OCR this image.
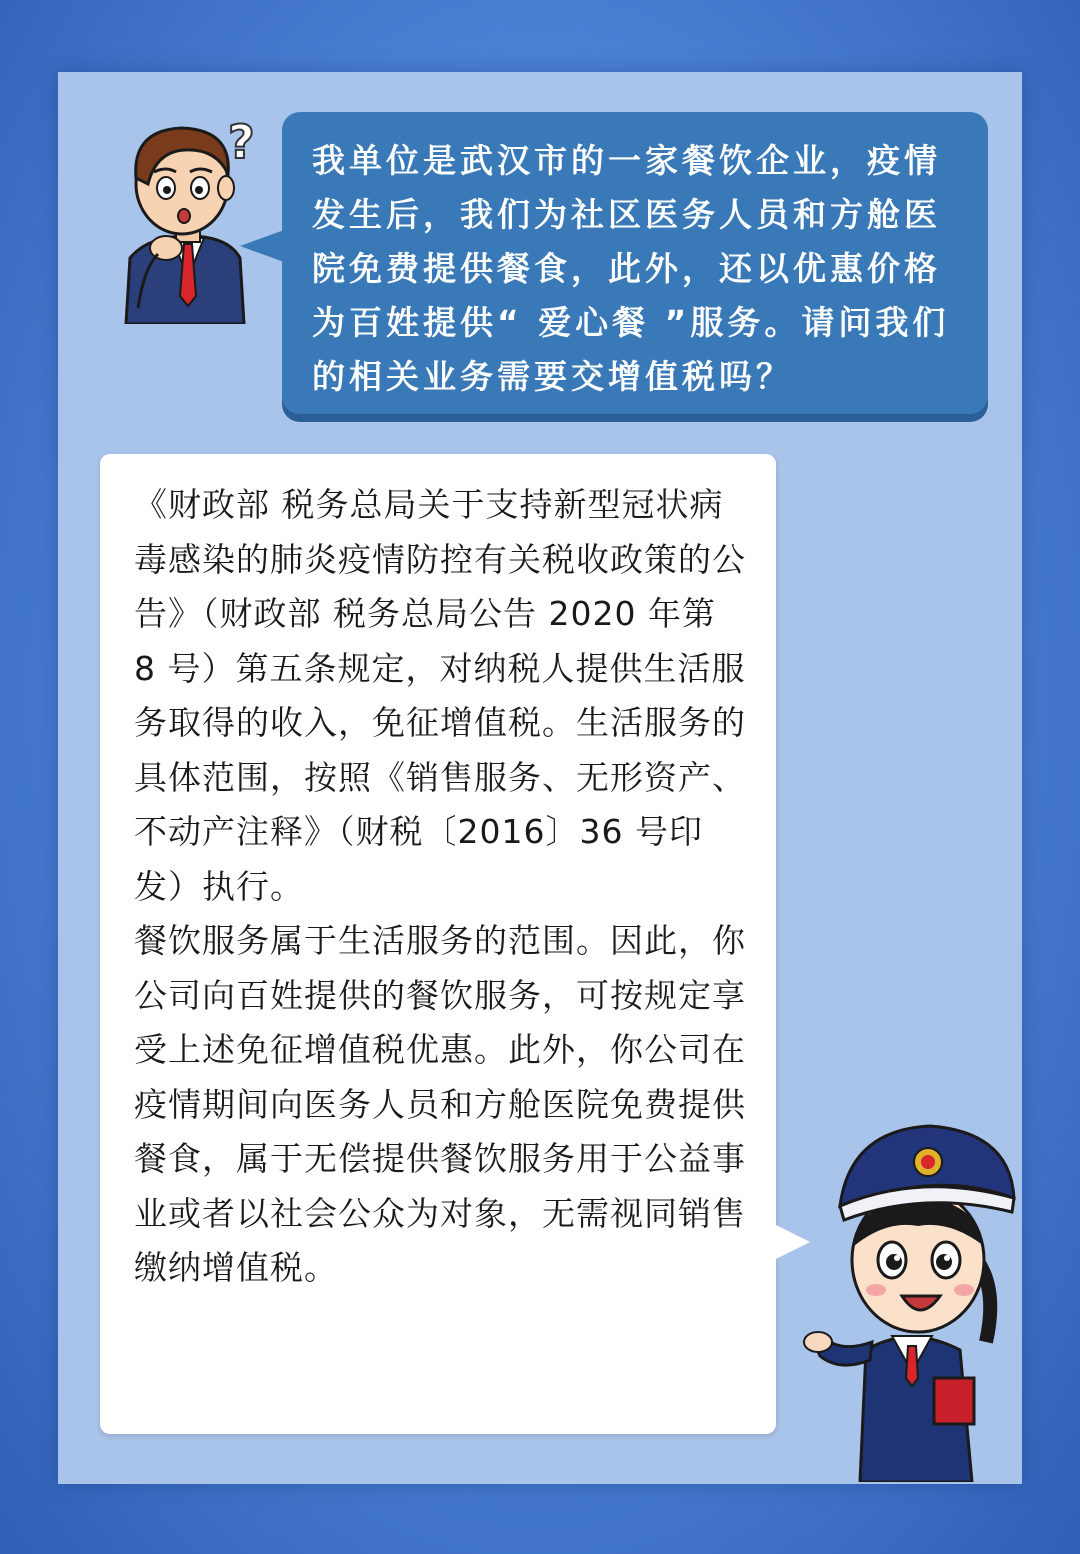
? 我单位是武汉市的一家餐饮企业，疫情发生后，我们为社区医务人员和方舱医院免费提供餐食，此外，还以优惠价格为百姓提供“ 爱心餐 ”服务。请问我们的相关业务需要交增值税吗？

《财政部 税务总局关于支持新型冠状病毒感染的肺炎疫情防控有关税收政策的公告》（财政部 税务总局公告 2020 年第 8 号）第五条规定，对纳税人提供生活服务取得的收入，免征增值税。生活服务的具体范围，按照《销售服务、无形资产、不动产注释》（财税〔2016〕36 号印发）执行。

餐饮服务属于生活服务的范围。因此，你公司向百姓提供的餐饮服务，可按规定享受上述免征增值税优惠。此外，你公司在疫情期间向医务人员和方舱医院免费提供餐食，属于无偿提供餐饮服务用于公益事业或者以社会公众为对象，无需视同销售缴纳增值税。
